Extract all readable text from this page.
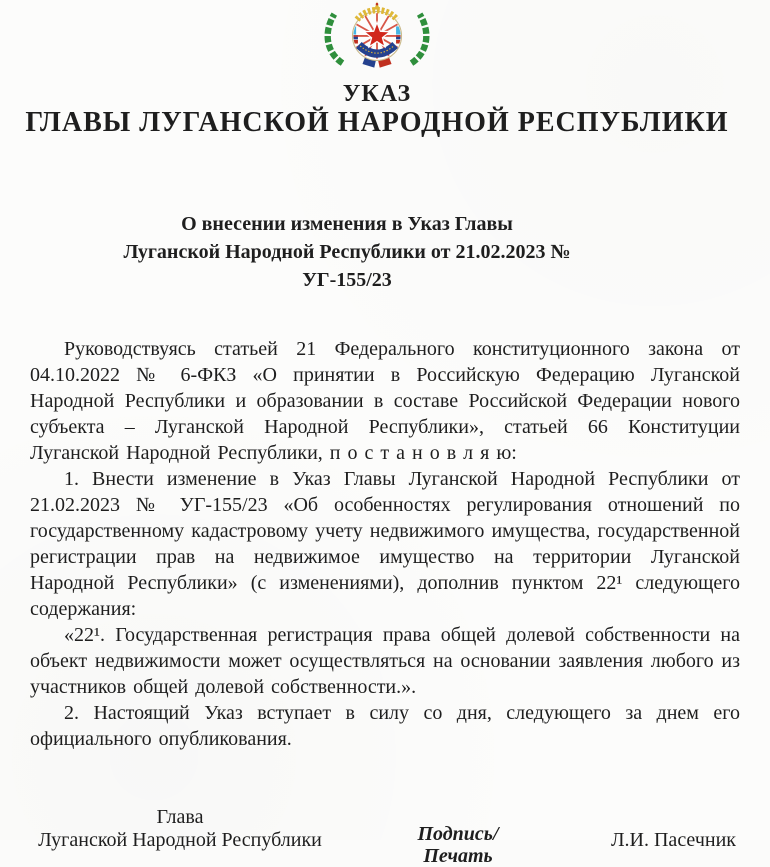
УКАЗ
ГЛАВЫ ЛУГАНСКОЙ НАРОДНОЙ РЕСПУБЛИКИ
О внесении изменения в Указ Главы
Луганской Народной Республики от 21.02.2023 № УГ-155/23

Руководствуясь статьей 21 Федерального конституционного закона от 04.10.2022 № 6-ФКЗ «О принятии в Российскую Федерацию Луганской Народной Республики и образовании в составе Российской Федерации нового субъекта – Луганской Народной Республики», статьей 66 Конституции Луганской Народной Республики, п о с т а н о в л я ю:

1. Внести изменение в Указ Главы Луганской Народной Республики от 21.02.2023 № УГ-155/23 «Об особенностях регулирования отношений по государственному кадастровому учету недвижимого имущества, государственной регистрации прав на недвижимое имущество на территории Луганской Народной Республики» (с изменениями), дополнив пунктом 22¹ следующего содержания:

«22¹. Государственная регистрация права общей долевой собственности на объект недвижимости может осуществляться на основании заявления любого из участников общей долевой собственности.».

2. Настоящий Указ вступает в силу со дня, следующего за днем его официального опубликования.

Глава
Луганской Народной Республики	Подпись/
Печать
Л.И. Пасечник
